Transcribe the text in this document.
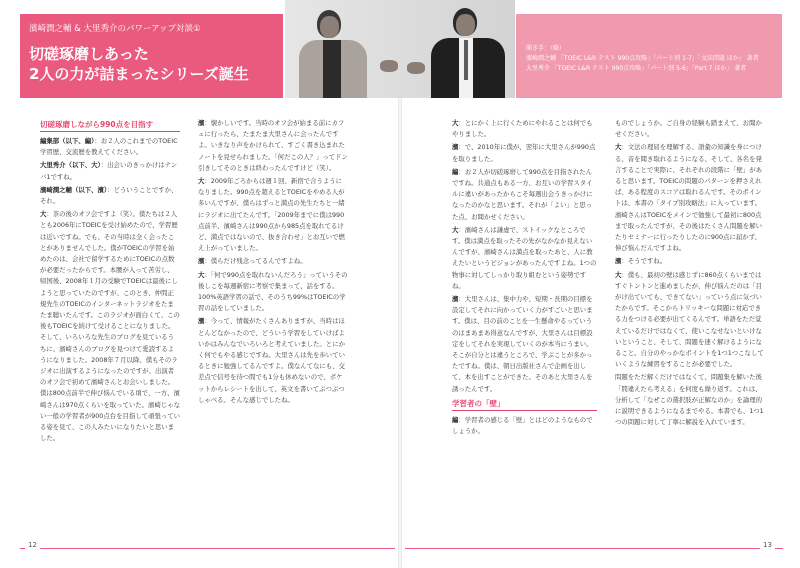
濱崎潤之輔 & 大里秀介のパワーアップ対談①
切磋琢磨しあった
2人の力が詰まったシリーズ誕生
聞き手：（略）
濱崎潤之輔 「TOEIC L&R テスト 990点攻略」「パート別 1-7」「文法問題 ほか」 著者
大里秀介 「TOEIC L&R テスト 990点攻略」「パート別 5-6」「Part 7 ほか」 著者
切磋琢磨しながら990点を目指す

編集部（以下、編）：お２人のこれまでのTOEIC学習歴、交流歴を教えてください。

大里秀介（以下、大）：出会いのきっかけはナンバ1ですね。

濱崎潤之輔（以下、濱）：どういうことですか、それ。

大：茶の後のオフ会ですよ（笑）。僕たちは２人とも2006年にTOEICを受け始めたので、学習歴は近いですね。でも、その当時は全く会ったことがありませんでした。僕がTOEICの学習を始めたのは、会社で留学するためにTOEICの点数が必要だったからです。本腰が入って苦労し、帰国後、2008年１月の受験でTOEICは最後にしようと思っていたのですが、このとき、仲間正規先生のTOEICのインターネットラジオをたまたま聴いたんです。このラジオが面白くて、この後もTOEICを続けて受けることになりました。そして、いろいろな先生のブログを見ているうちに、濱崎さんのブログを見つけて愛読するようになりました。2008年７月以降、僕もそのラジオに出演するようになったのですが、出演者のオフ会で初めて濱崎さんとお会いしました。僕は800点前半で伸び悩んでいる頃で、一方、濱崎さんは970点くらいを取っていた。濱崎じゃない一般の学習者が900点台を目指して頑張っている姿を見て、この人みたいになりたいと思いました。

濱：懐かしいです。当時のオフ会が始まる前にカフェに行ったら、たまたま大里さんに会ったんですよ。いきなり声をかけられて、すごく書き込まれたノートを見せられました。「何だこの人？」ってドン引きしてそのときは終わったんですけど（笑）。

大：2009年ごろからは週１回、新宿で合うようになりました。990点を超えるとTOEICをやめる人が多いんですが、僕らはずっと満点の先生たちと一緒にラジオに出てたんです。「2009年までに僕は990点前半、濱崎さんは990点から985点を取れてるけど、満点ではないので、抜き合わせ」とお互いで燃え上がっていました。

濱：僕らだけ残念ってるんですよね。

大：「何で990点を取れないんだろう」っていうその後しこを毎週新宿に考察で集まって、話をする。100%英語学習の話で、そのうち99%はTOEICの学習の話をしていました。

濱：今って、情報がたくさんありますが、当時はほとんどなかったので、どういう学習をしていけばよいかはみんなでいろいろと考えていました。とにかく何でもやる感じですね。大里さんは先を歩いているときに勉強してるんですよ。僕なんてなにも、交差点で信号を待つ間でも1分も休めないので、ポケットからレシートを出して、英文を書いてぶつぶつしゃべる。そんな感じでしたね。

大：とにかく上に行くためにやれることは何でもやりました。

濱：で、2010年に僕が、翌年に大里さんが990点を取りました。

編：お２人が切磋琢磨して990点を目指されたんですね。共通点もある一方、お互いの学習スタイルに違いがあったからこそ毎週出会うきっかけになったのかなと思います。それが「よい」と思った点、お聞かせください。

大：濱崎さんは謙虚で、ストイックなところです。僕は満点を取ったその先がなかなか見えないんですが、濱崎さんは満点を取ったあと、人に教えたいというビジョンがあったんですよね。1つの物事に対してしっかり取り組むという姿勢ですね。

濱：大里さんは、集中力や、短期・長期の目標を設定してそれに向かっていく力がすごいと思います。僕は、目の前のことを一生懸命やるっていうのはまあまあ得意なんですが、大里さんは目標設定をしてそれを実現していくのが本当にうまい。そこが自分とは違うところで、学ぶことが多かったですね。僕は、朝日出版社さんで企画を出して、本を出すことができた。そのあと大里さんを誘ったんです。

学習者の「壁」

編：学習者の感じる「壁」とはどのようなものでしょうか。

ものでしょうか。ご自身の経験も踏まえて、お聞かせください。

大：文法の理屈を理解する、語彙の知識を身につける、音を聞き取れるようになる、そして、各名を発言することで実際に、それぞれの段階に「壁」があると思います。TOEICの問題のパターンを押さえれば、ある程度のスコアは取れるんです。そのポイントは、本書の「タイプ別攻略法」に入っています。濱崎さんはTOEICをメインで勉強して最初に800点まで取ったんですが、その後はたくさん問題を解いたりセミナーに行ったりしたのに900点に届かず、伸び悩んだんですよね。

濱：そうですね。

大：僕も、最初の壁は感じずに860点くらいまではすぐトントンと進めましたが、伸び悩んだのは「目がけ出ていても、できてない」っていう点に気づいたからです。そこからトリッキーな問題に対応できる力をつける必要が出てくるんです。単語をただ覚えているだけではなくて、使いこなせないといけないということ、そして、問題を速く解けるようになること。自分のやっかなボイントを1つ1つこなしていくような練習をすることが必要でした。

問題をただ解くだけではなくて、問題集を解いた後「間違えたら考える」を何度も繰り返す。これは、分析して「なぜこの選択肢が正解なのか」を論理的に説明できるようになるまでやる。本書でも、1つ1つの問題に対して丁寧に解説を入れています。

12	13
